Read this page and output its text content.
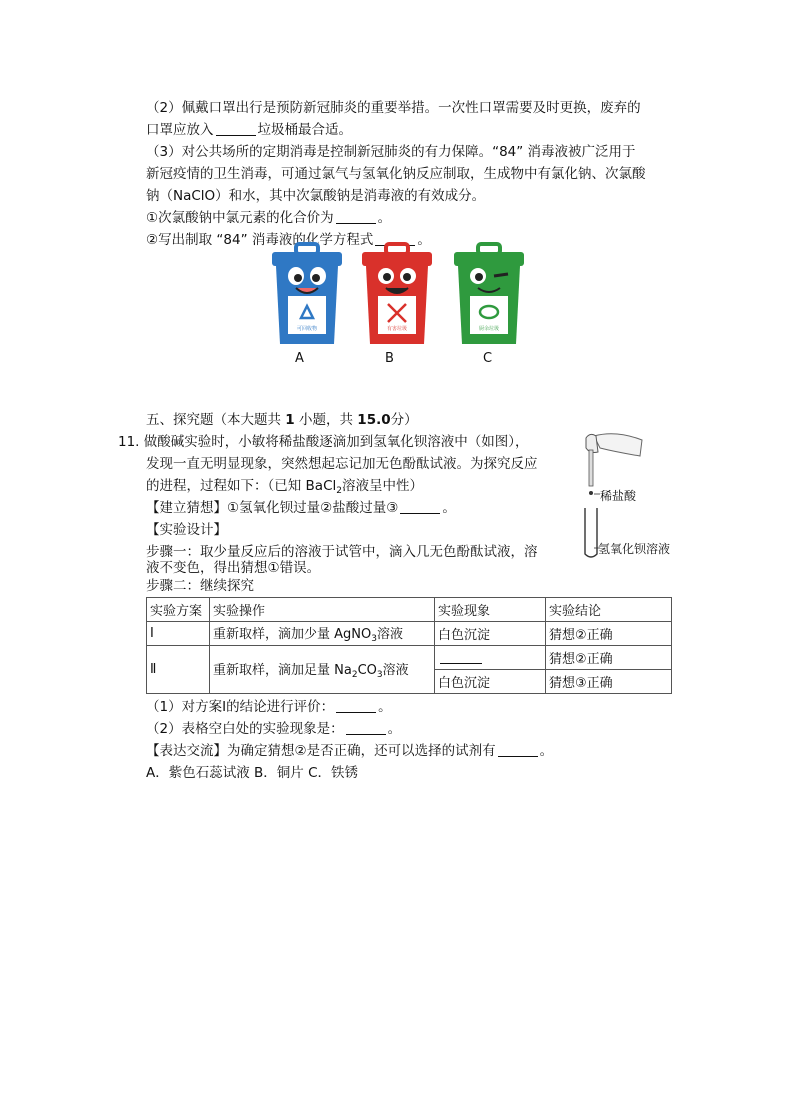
（2）佩戴口罩出行是预防新冠肺炎的重要举措。一次性口罩需要及时更换，废弃的
口罩应放入	垃圾桶最合适。
（3）对公共场所的定期消毒是控制新冠肺炎的有力保障。“84” 消毒液被广泛用于
新冠疫情的卫生消毒，可通过氯气与氢氧化钠反应制取，生成物中有氯化钠、次氯酸
钠（NaClO）和水，其中次氯酸钠是消毒液的有效成分。
①次氯酸钠中氯元素的化合价为	。
②写出制取 “84” 消毒液的化学方程式	。
可回收物	有害垃圾	厨余垃圾
A	B	C
五、探究题（本大题共 1 小题，共 15.0分）
11. 做酸碱实验时，小敏将稀盐酸逐滴加到氢氧化钡溶液中（如图），
发现一直无明显现象，突然想起忘记加无色酚酞试液。为探究反应
的进程，过程如下：（已知 BaCl$_2$溶液呈中性）
【建立猜想】①氢氧化钡过量②盐酸过量③	。
【实验设计】
步骤一：取少量反应后的溶液于试管中，滴入几无色酚酞试液，溶
液不变色，得出猜想①错误。
步骤二：继续探究
稀盐酸
氢氧化钡溶液
实验方案	实验操作	实验现象	实验结论
Ⅰ	重新取样，滴加少量 AgNO$_3$溶液	白色沉淀	猜想②正确
Ⅱ	重新取样，滴加足量 $Na_2CO_3$溶液		猜想②正确
		白色沉淀	猜想③正确
（1）对方案Ⅰ的结论进行评价：	。
（2）表格空白处的实验现象是：	。
【表达交流】为确定猜想②是否正确，还可以选择的试剂有	。
A．紫色石蕊试液 B．铜片 C．铁锈
